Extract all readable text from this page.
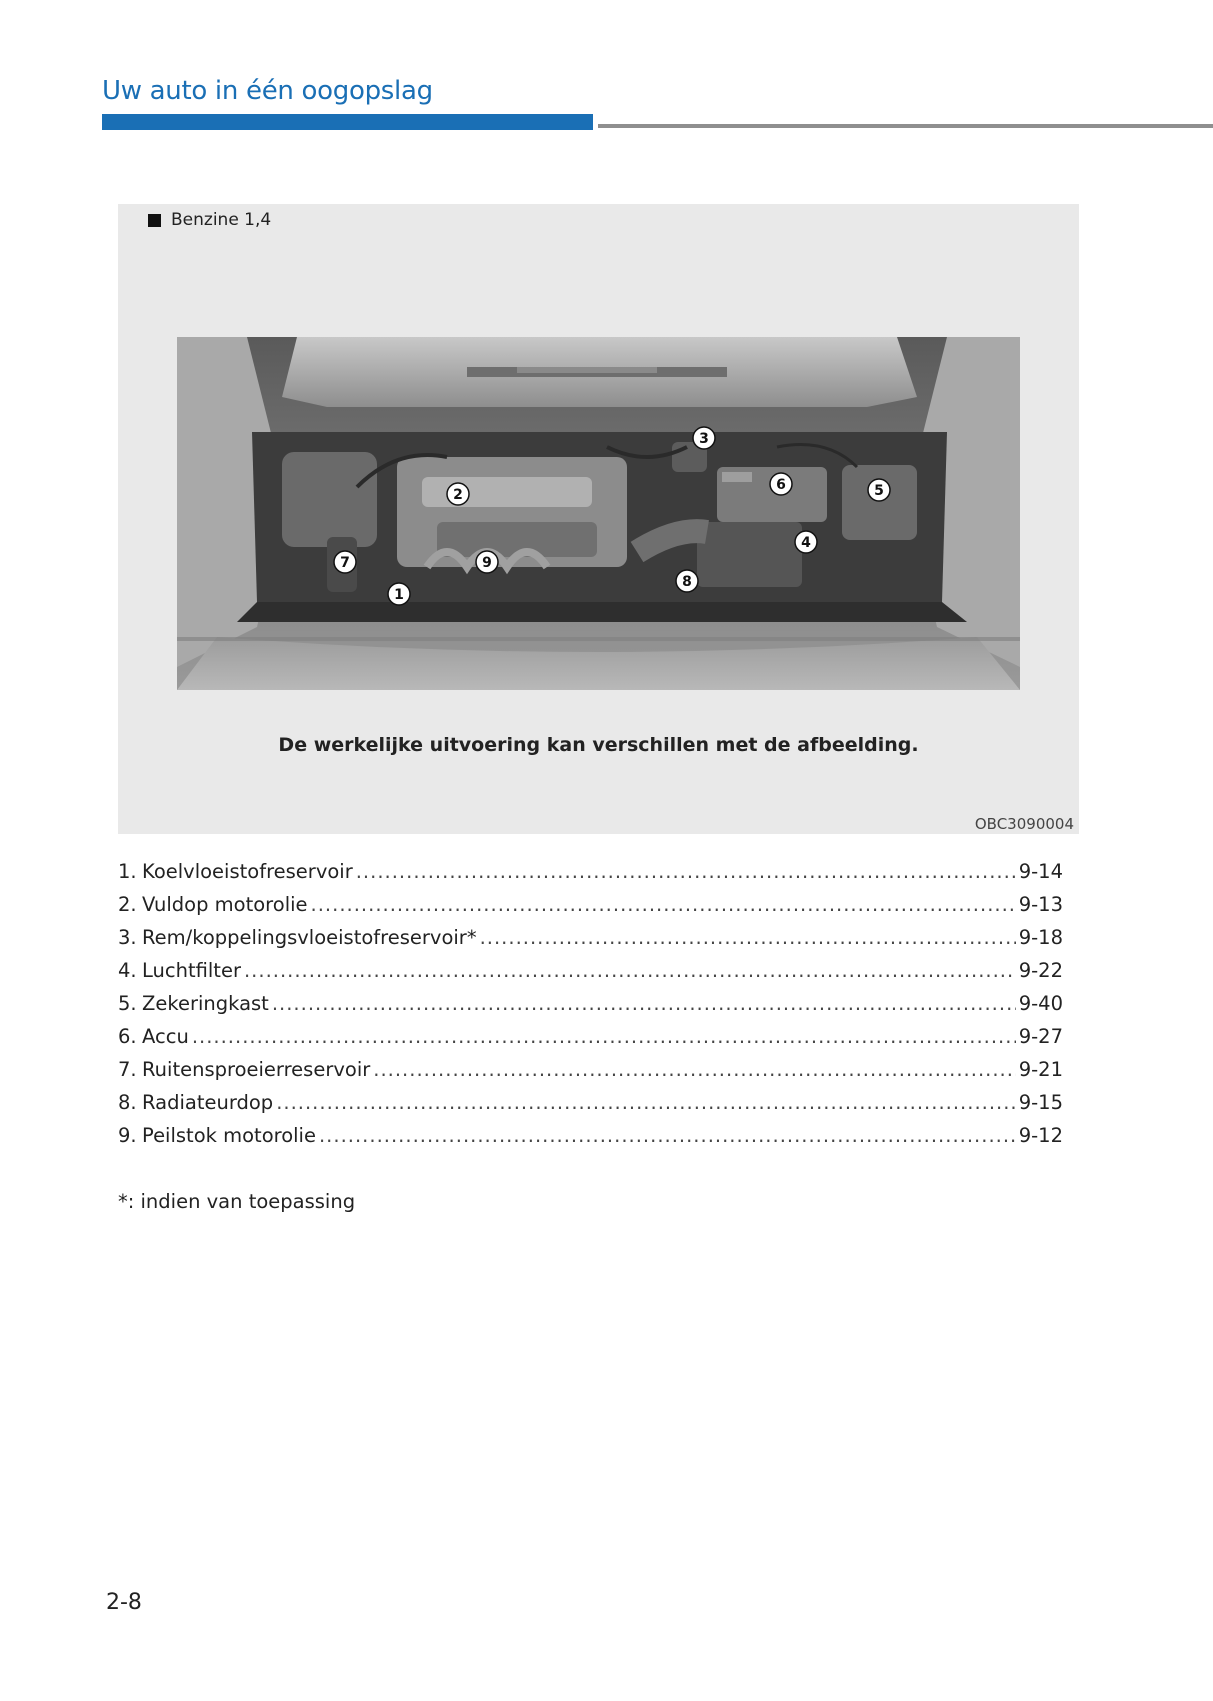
Uw auto in één oogopslag
Benzine 1,4
1
2
3
4
5
6
7
8
9
De werkelijke uitvoering kan verschillen met de afbeelding.
OBC3090004
1. Koelvloeistofreservoir .....	9-14
2. Vuldop motorolie .....	9-13
3. Rem/koppelingsvloeistofreservoir* .....	9-18
4. Luchtfilter .....	9-22
5. Zekeringkast .....	9-40
6. Accu .....	9-27
7. Ruitensproeierreservoir .....	9-21
8. Radiateurdop .....	9-15
9. Peilstok motorolie .....	9-12
*: indien van toepassing
2-8
